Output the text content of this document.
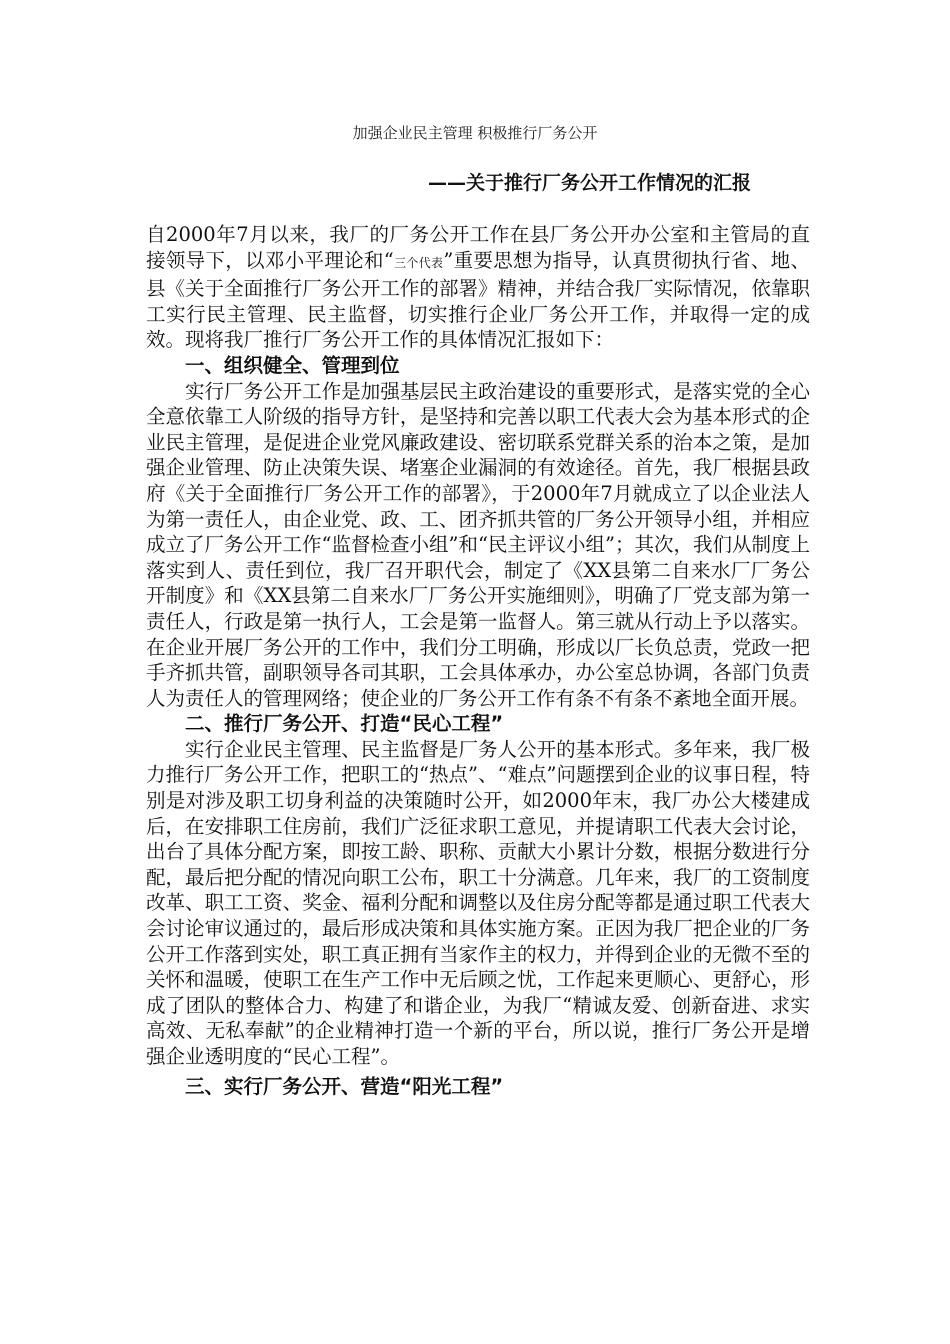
加强企业民主管理 积极推行厂务公开
——关于推行厂务公开工作情况的汇报

自2000年7月以来，我厂的厂务公开工作在县厂务公开办公室和主管局的直接领导下，以邓小平理论和“三个代表”重要思想为指导，认真贯彻执行省、地、县《关于全面推行厂务公开工作的部署》精神，并结合我厂实际情况，依靠职工实行民主管理、民主监督，切实推行企业厂务公开工作，并取得一定的成效。现将我厂推行厂务公开工作的具体情况汇报如下：

一、组织健全、管理到位

实行厂务公开工作是加强基层民主政治建设的重要形式，是落实党的全心全意依靠工人阶级的指导方针，是坚持和完善以职工代表大会为基本形式的企业民主管理，是促进企业党风廉政建设、密切联系党群关系的治本之策，是加强企业管理、防止决策失误、堵塞企业漏洞的有效途径。首先，我厂根据县政府《关于全面推行厂务公开工作的部署》，于2000年7月就成立了以企业法人为第一责任人，由企业党、政、工、团齐抓共管的厂务公开领导小组，并相应成立了厂务公开工作“监督检查小组”和“民主评议小组”；其次，我们从制度上落实到人、责任到位，我厂召开职代会，制定了《XX县第二自来水厂厂务公开制度》和《XX县第二自来水厂厂务公开实施细则》，明确了厂党支部为第一责任人，行政是第一执行人，工会是第一监督人。第三就从行动上予以落实。在企业开展厂务公开的工作中，我们分工明确，形成以厂长负总责，党政一把手齐抓共管，副职领导各司其职，工会具体承办，办公室总协调，各部门负责人为责任人的管理网络；使企业的厂务公开工作有条不有条不紊地全面开展。

二、推行厂务公开、打造“民心工程”

实行企业民主管理、民主监督是厂务人公开的基本形式。多年来，我厂极力推行厂务公开工作，把职工的“热点”、“难点”问题摆到企业的议事日程，特别是对涉及职工切身利益的决策随时公开，如2000年末，我厂办公大楼建成后，在安排职工住房前，我们广泛征求职工意见，并提请职工代表大会讨论，出台了具体分配方案，即按工龄、职称、贡献大小累计分数，根据分数进行分配，最后把分配的情况向职工公布，职工十分满意。几年来，我厂的工资制度改革、职工工资、奖金、福利分配和调整以及住房分配等都是通过职工代表大会讨论审议通过的，最后形成决策和具体实施方案。正因为我厂把企业的厂务公开工作落到实处，职工真正拥有当家作主的权力，并得到企业的无微不至的关怀和温暖，使职工在生产工作中无后顾之忧，工作起来更顺心、更舒心，形成了团队的整体合力、构建了和谐企业，为我厂“精诚友爱、创新奋进、求实高效、无私奉献”的企业精神打造一个新的平台，所以说，推行厂务公开是增强企业透明度的“民心工程”。

三、实行厂务公开、营造“阳光工程”
